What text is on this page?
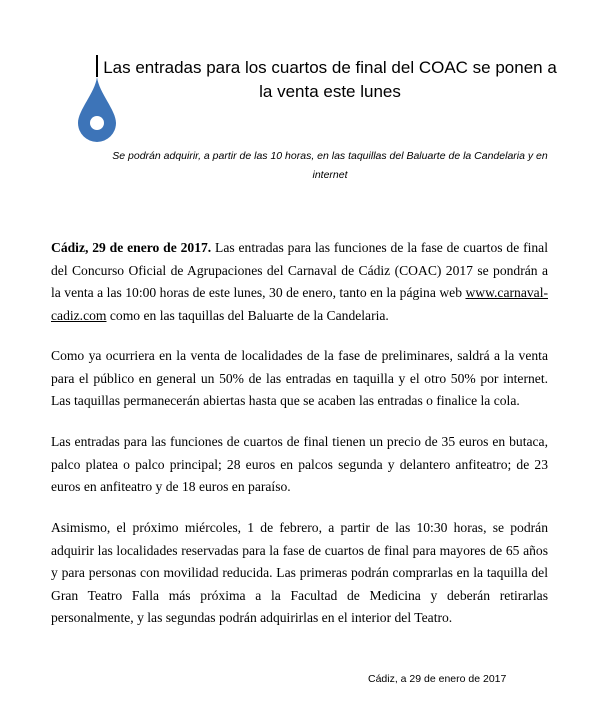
Las entradas para los cuartos de final del COAC se ponen a la venta este lunes

Se podrán adquirir, a partir de las 10 horas, en las taquillas del Baluarte de la Candelaria y en internet

Cádiz, 29 de enero de 2017. Las entradas para las funciones de la fase de cuartos de final del Concurso Oficial de Agrupaciones del Carnaval de Cádiz (COAC) 2017 se pondrán a la venta a las 10:00 horas de este lunes, 30 de enero, tanto en la página web www.carnaval-cadiz.com como en las taquillas del Baluarte de la Candelaria.

Como ya ocurriera en la venta de localidades de la fase de preliminares, saldrá a la venta para el público en general un 50% de las entradas en taquilla y el otro 50% por internet. Las taquillas permanecerán abiertas hasta que se acaben las entradas o finalice la cola.

Las entradas para las funciones de cuartos de final tienen un precio de 35 euros en butaca, palco platea o palco principal; 28 euros en palcos segunda y delantero anfiteatro; de 23 euros en anfiteatro y de 18 euros en paraíso.

Asimismo, el próximo miércoles, 1 de febrero, a partir de las 10:30 horas, se podrán adquirir las localidades reservadas para la fase de cuartos de final para mayores de 65 años y para personas con movilidad reducida. Las primeras podrán comprarlas en la taquilla del Gran Teatro Falla más próxima a la Facultad de Medicina y deberán retirarlas personalmente, y las segundas podrán adquirirlas en el interior del Teatro.

Cádiz, a 29 de enero de 2017
